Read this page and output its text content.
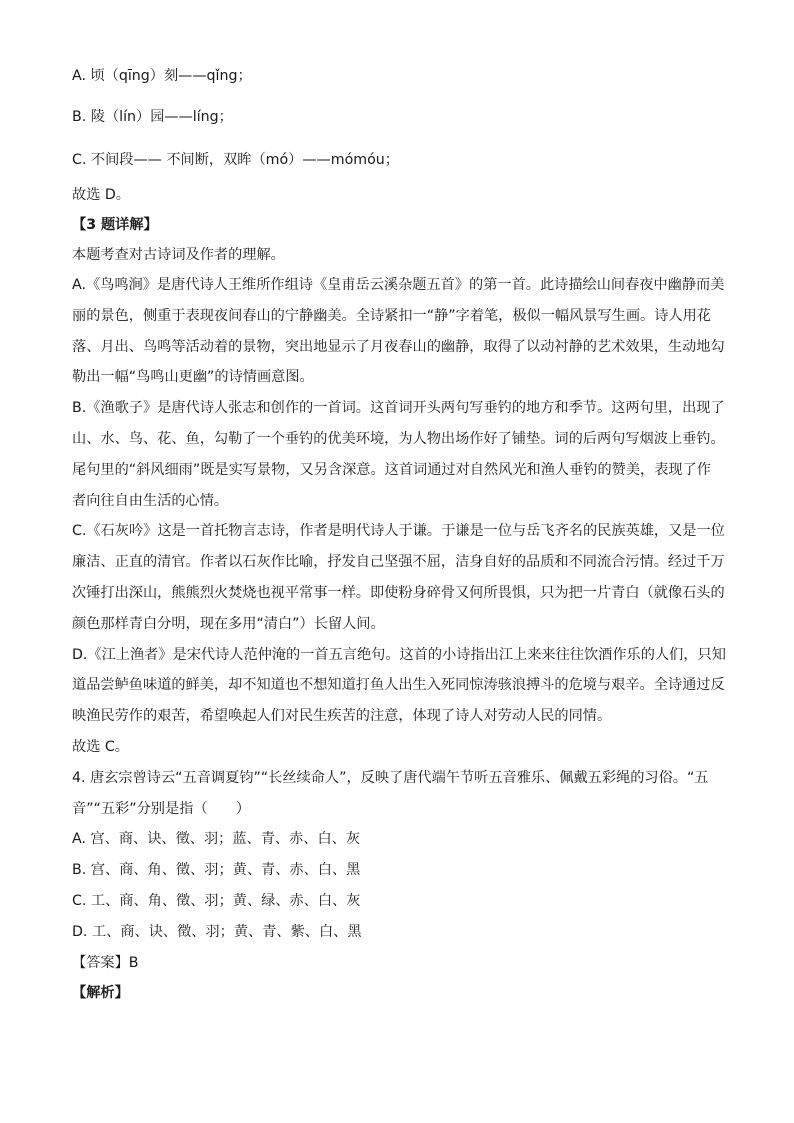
A. 顷（qīng）刻——qǐng；
B. 陵（lín）园——líng；
C. 不间段—— 不间断，双眸（mó）——mómóu；
故选 D。
【3 题详解】
本题考查对古诗词及作者的理解。
A.《鸟鸣涧》是唐代诗人王维所作组诗《皇甫岳云溪杂题五首》的第一首。此诗描绘山间春夜中幽静而美
丽的景色，侧重于表现夜间春山的宁静幽美。全诗紧扣一“静”字着笔，极似一幅风景写生画。诗人用花
落、月出、鸟鸣等活动着的景物，突出地显示了月夜春山的幽静，取得了以动衬静的艺术效果，生动地勾
勒出一幅“鸟鸣山更幽”的诗情画意图。
B.《渔歌子》是唐代诗人张志和创作的一首词。这首词开头两句写垂钓的地方和季节。这两句里，出现了
山、水、鸟、花、鱼，勾勒了一个垂钓的优美环境，为人物出场作好了铺垫。词的后两句写烟波上垂钓。
尾句里的“斜风细雨”既是实写景物，又另含深意。这首词通过对自然风光和渔人垂钓的赞美，表现了作
者向往自由生活的心情。
C.《石灰吟》这是一首托物言志诗，作者是明代诗人于谦。于谦是一位与岳飞齐名的民族英雄，又是一位
廉洁、正直的清官。作者以石灰作比喻，抒发自己坚强不屈，洁身自好的品质和不同流合污情。经过千万
次锤打出深山，熊熊烈火焚烧也视平常事一样。即使粉身碎骨又何所畏惧，只为把一片青白（就像石头的
颜色那样青白分明，现在多用“清白”）长留人间。
D.《江上渔者》是宋代诗人范仲淹的一首五言绝句。这首的小诗指出江上来来往往饮酒作乐的人们，只知
道品尝鲈鱼味道的鲜美，却不知道也不想知道打鱼人出生入死同惊涛骇浪搏斗的危境与艰辛。全诗通过反
映渔民劳作的艰苦，希望唤起人们对民生疾苦的注意，体现了诗人对劳动人民的同情。
故选 C。
4. 唐玄宗曾诗云“五音调夏钧”“长丝续命人”，反映了唐代端午节听五音雅乐、佩戴五彩绳的习俗。“五
音”“五彩”分别是指（　　）
A. 宫、商、诀、徵、羽；蓝、青、赤、白、灰
B. 宫、商、角、徵、羽；黄、青、赤、白、黑
C. 工、商、角、徵、羽；黄、绿、赤、白、灰
D. 工、商、诀、徵、羽；黄、青、紫、白、黑
【答案】B
【解析】
